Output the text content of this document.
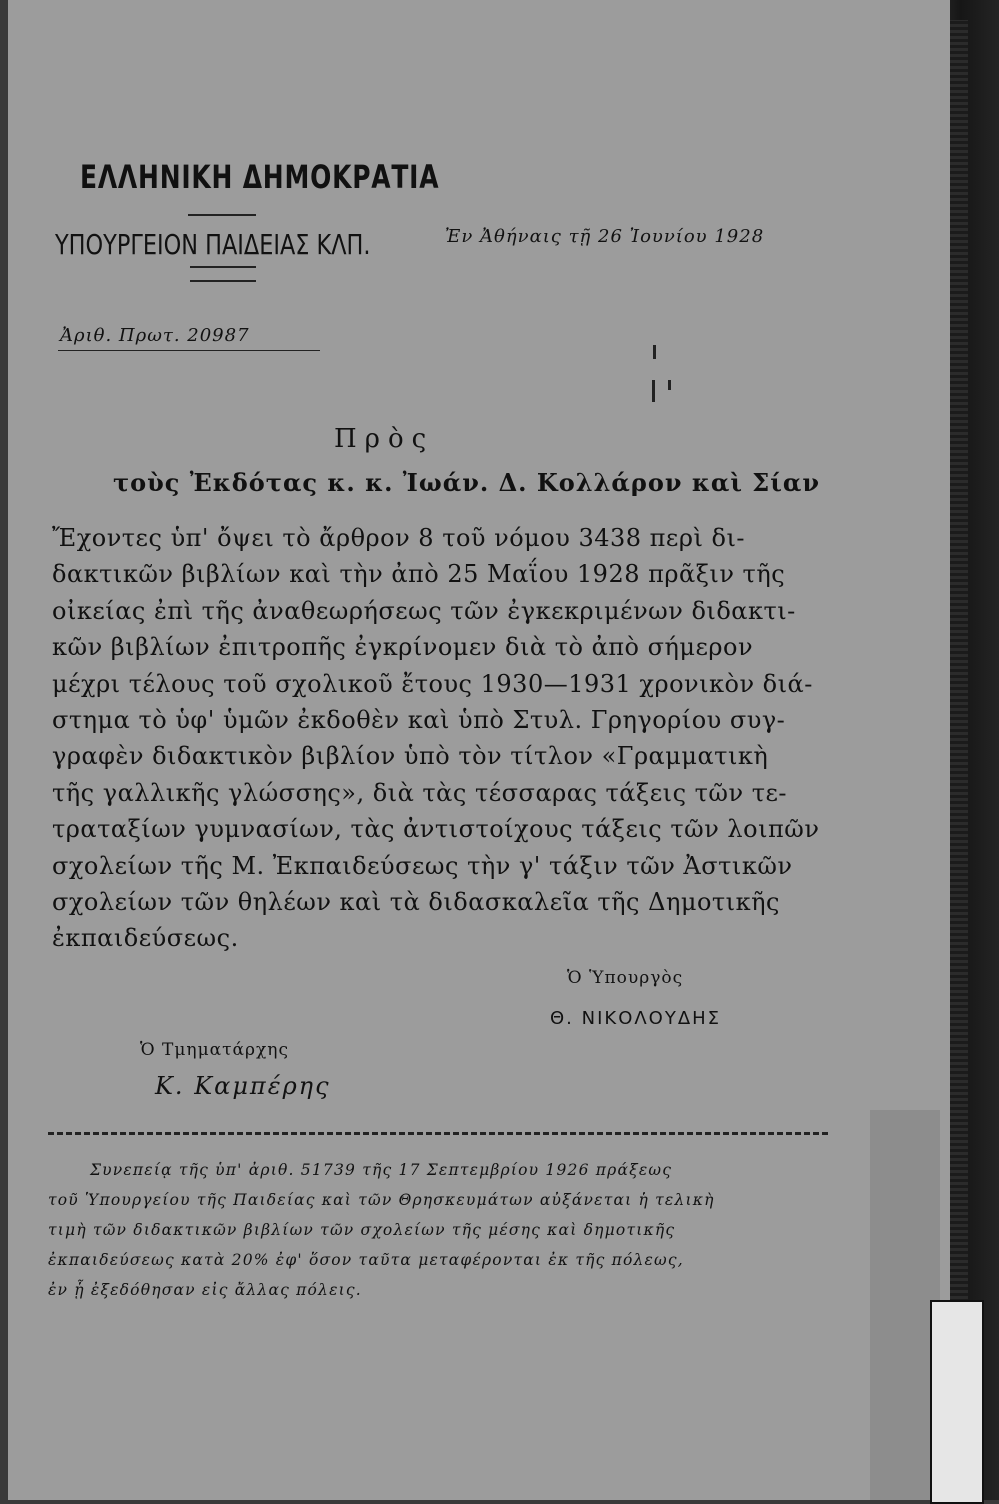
ΕΛΛΗΝΙΚΗ ΔΗΜΟΚΡΑΤΙΑ
ΥΠΟΥΡΓΕΙΟΝ ΠΑΙΔΕΙΑΣ ΚΛΠ.	Ἐν Ἀθήναις τῇ 26 Ἰουνίου 1928
Ἀριθ. Πρωτ. 20987
Πρὸς
τοὺς Ἐκδότας κ. κ. Ἰωάν. Δ. Κολλάρον καὶ Σίαν
Ἔχοντες ὑπ' ὄψει τὸ ἄρθρον 8 τοῦ νόμου 3438 περὶ δι-
δακτικῶν βιβλίων καὶ τὴν ἀπὸ 25 Μαΐου 1928 πρᾶξιν τῆς
οἰκείας ἐπὶ τῆς ἀναθεωρήσεως τῶν ἐγκεκριμένων διδακτι-
κῶν βιβλίων ἐπιτροπῆς ἐγκρίνομεν διὰ τὸ ἀπὸ σήμερον
μέχρι τέλους τοῦ σχολικοῦ ἔτους 1930—1931 χρονικὸν διά-
στημα τὸ ὑφ' ὑμῶν ἐκδοθὲν καὶ ὑπὸ Στυλ. Γρηγορίου συγ-
γραφὲν διδακτικὸν βιβλίον ὑπὸ τὸν τίτλον «Γραμματικὴ
τῆς γαλλικῆς γλώσσης», διὰ τὰς τέσσαρας τάξεις τῶν τε-
τραταξίων γυμνασίων, τὰς ἀντιστοίχους τάξεις τῶν λοιπῶν
σχολείων τῆς Μ. Ἐκπαιδεύσεως τὴν γ' τάξιν τῶν Ἀστικῶν
σχολείων τῶν θηλέων καὶ τὰ διδασκαλεῖα τῆς Δημοτικῆς
ἐκπαιδεύσεως.
Ὁ Ὑπουργὸς
Θ. ΝΙΚΟΛΟΥΔΗΣ
Ὁ Τμηματάρχης
Κ. Καμπέρης
Συνεπείᾳ τῆς ὑπ' ἀριθ. 51739 τῆς 17 Σεπτεμβρίου 1926 πράξεως
τοῦ Ὑπουργείου τῆς Παιδείας καὶ τῶν Θρησκευμάτων αὐξάνεται ἡ τελικὴ
τιμὴ τῶν διδακτικῶν βιβλίων τῶν σχολείων τῆς μέσης καὶ δημοτικῆς
ἐκπαιδεύσεως κατὰ 20% ἐφ' ὅσον ταῦτα μεταφέρονται ἐκ τῆς πόλεως,
ἐν ᾗ ἐξεδόθησαν εἰς ἄλλας πόλεις.
